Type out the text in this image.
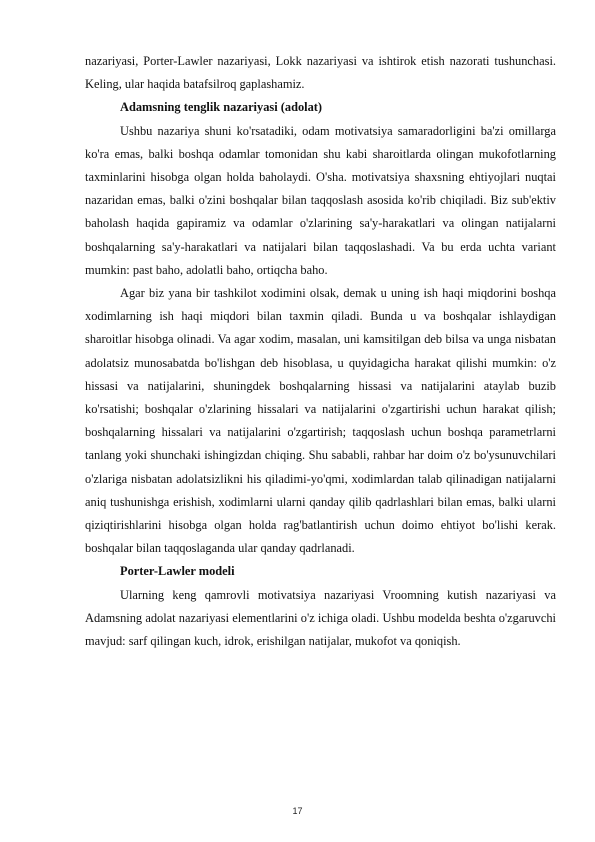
nazariyasi, Porter-Lawler nazariyasi, Lokk nazariyasi va ishtirok etish nazorati tushunchasi. Keling, ular haqida batafsilroq gaplashamiz.

Adamsning tenglik nazariyasi (adolat)

Ushbu nazariya shuni ko'rsatadiki, odam motivatsiya samaradorligini ba'zi omillarga ko'ra emas, balki boshqa odamlar tomonidan shu kabi sharoitlarda olingan mukofotlarning taxminlarini hisobga olgan holda baholaydi. O'sha. motivatsiya shaxsning ehtiyojlari nuqtai nazaridan emas, balki o'zini boshqalar bilan taqqoslash asosida ko'rib chiqiladi. Biz sub'ektiv baholash haqida gapiramiz va odamlar o'zlarining sa'y-harakatlari va olingan natijalarni boshqalarning sa'y-harakatlari va natijalari bilan taqqoslashadi. Va bu erda uchta variant mumkin: past baho, adolatli baho, ortiqcha baho.

Agar biz yana bir tashkilot xodimini olsak, demak u uning ish haqi miqdorini boshqa xodimlarning ish haqi miqdori bilan taxmin qiladi. Bunda u va boshqalar ishlaydigan sharoitlar hisobga olinadi. Va agar xodim, masalan, uni kamsitilgan deb bilsa va unga nisbatan adolatsiz munosabatda bo'lishgan deb hisoblasa, u quyidagicha harakat qilishi mumkin: o'z hissasi va natijalarini, shuningdek boshqalarning hissasi va natijalarini ataylab buzib ko'rsatishi; boshqalar o'zlarining hissalari va natijalarini o'zgartirishi uchun harakat qilish; boshqalarning hissalari va natijalarini o'zgartirish; taqqoslash uchun boshqa parametrlarni tanlang yoki shunchaki ishingizdan chiqing. Shu sababli, rahbar har doim o'z bo'ysunuvchilari o'zlariga nisbatan adolatsizlikni his qiladimi-yo'qmi, xodimlardan talab qilinadigan natijalarni aniq tushunishga erishish, xodimlarni ularni qanday qilib qadrlashlari bilan emas, balki ularni qiziqtirishlarini hisobga olgan holda rag'batlantirish uchun doimo ehtiyot bo'lishi kerak. boshqalar bilan taqqoslaganda ular qanday qadrlanadi.

Porter-Lawler modeli

Ularning keng qamrovli motivatsiya nazariyasi Vroomning kutish nazariyasi va Adamsning adolat nazariyasi elementlarini o'z ichiga oladi. Ushbu modelda beshta o'zgaruvchi mavjud: sarf qilingan kuch, idrok, erishilgan natijalar, mukofot va qoniqish.

17
